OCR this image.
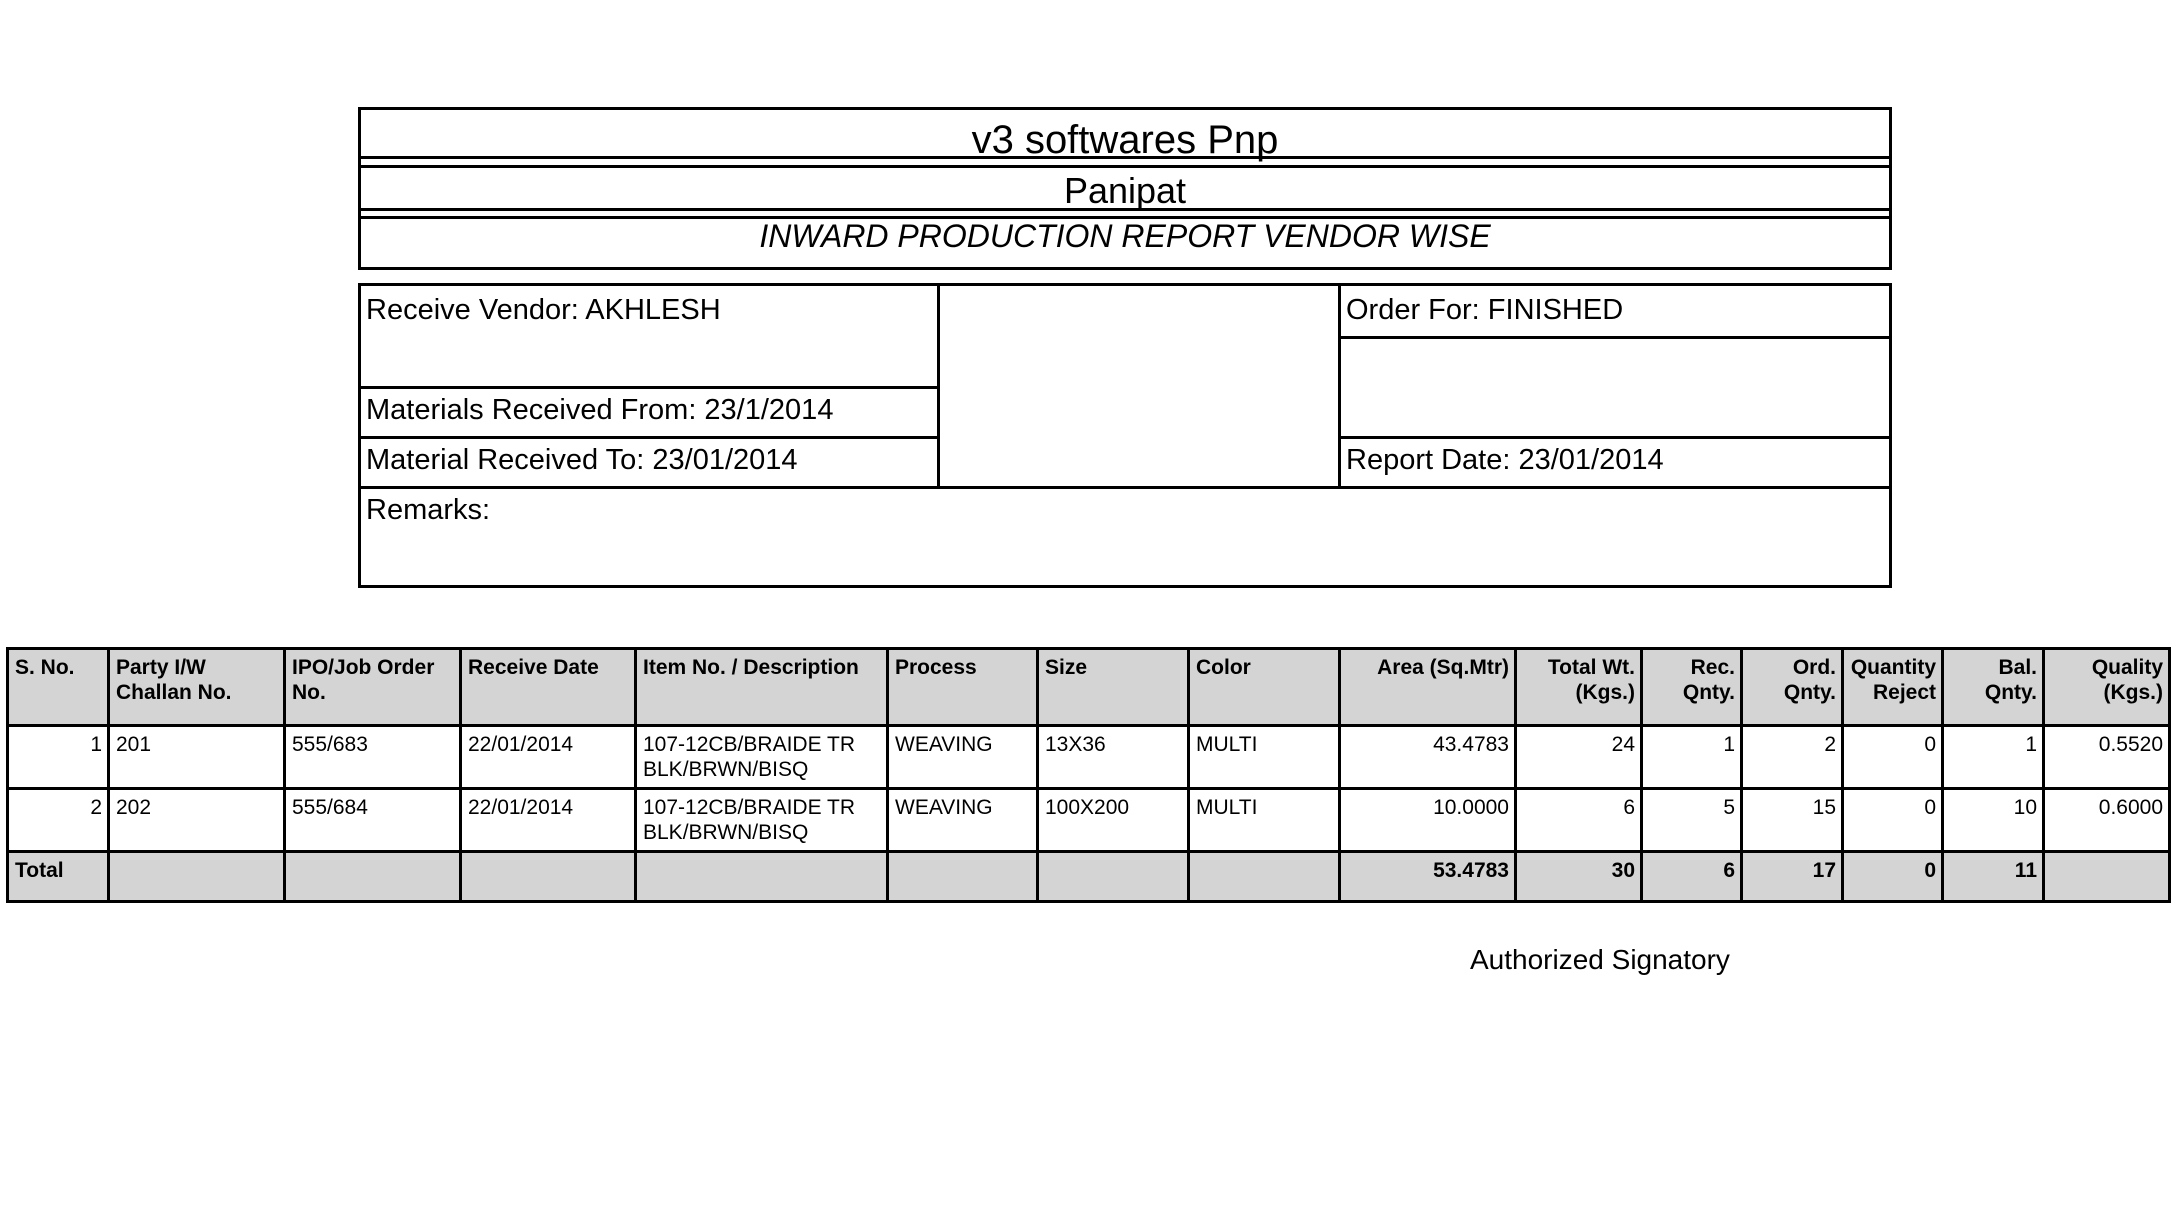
v3 softwares Pnp
Panipat
INWARD PRODUCTION REPORT VENDOR WISE
Receive Vendor: AKHLESH
Materials Received From: 23/1/2014
Material Received To: 23/01/2014
Order For: FINISHED
Report Date: 23/01/2014
Remarks:
S. No.	Party I/W Challan No.	IPO/Job Order No.	Receive Date	Item No. / Description	Process	Size	Color	Area (Sq.Mtr)	Total Wt. (Kgs.)	Rec. Qnty.	Ord. Qnty.	Quantity Reject	Bal. Qnty.	Quality (Kgs.)
1	201	555/683	22/01/2014	107-12CB/BRAIDE TR BLK/BRWN/BISQ	WEAVING	13X36	MULTI	43.4783	24	1	2	0	1	0.5520
2	202	555/684	22/01/2014	107-12CB/BRAIDE TR BLK/BRWN/BISQ	WEAVING	100X200	MULTI	10.0000	6	5	15	0	10	0.6000
Total								53.4783	30	6	17	0	11	
Authorized Signatory
